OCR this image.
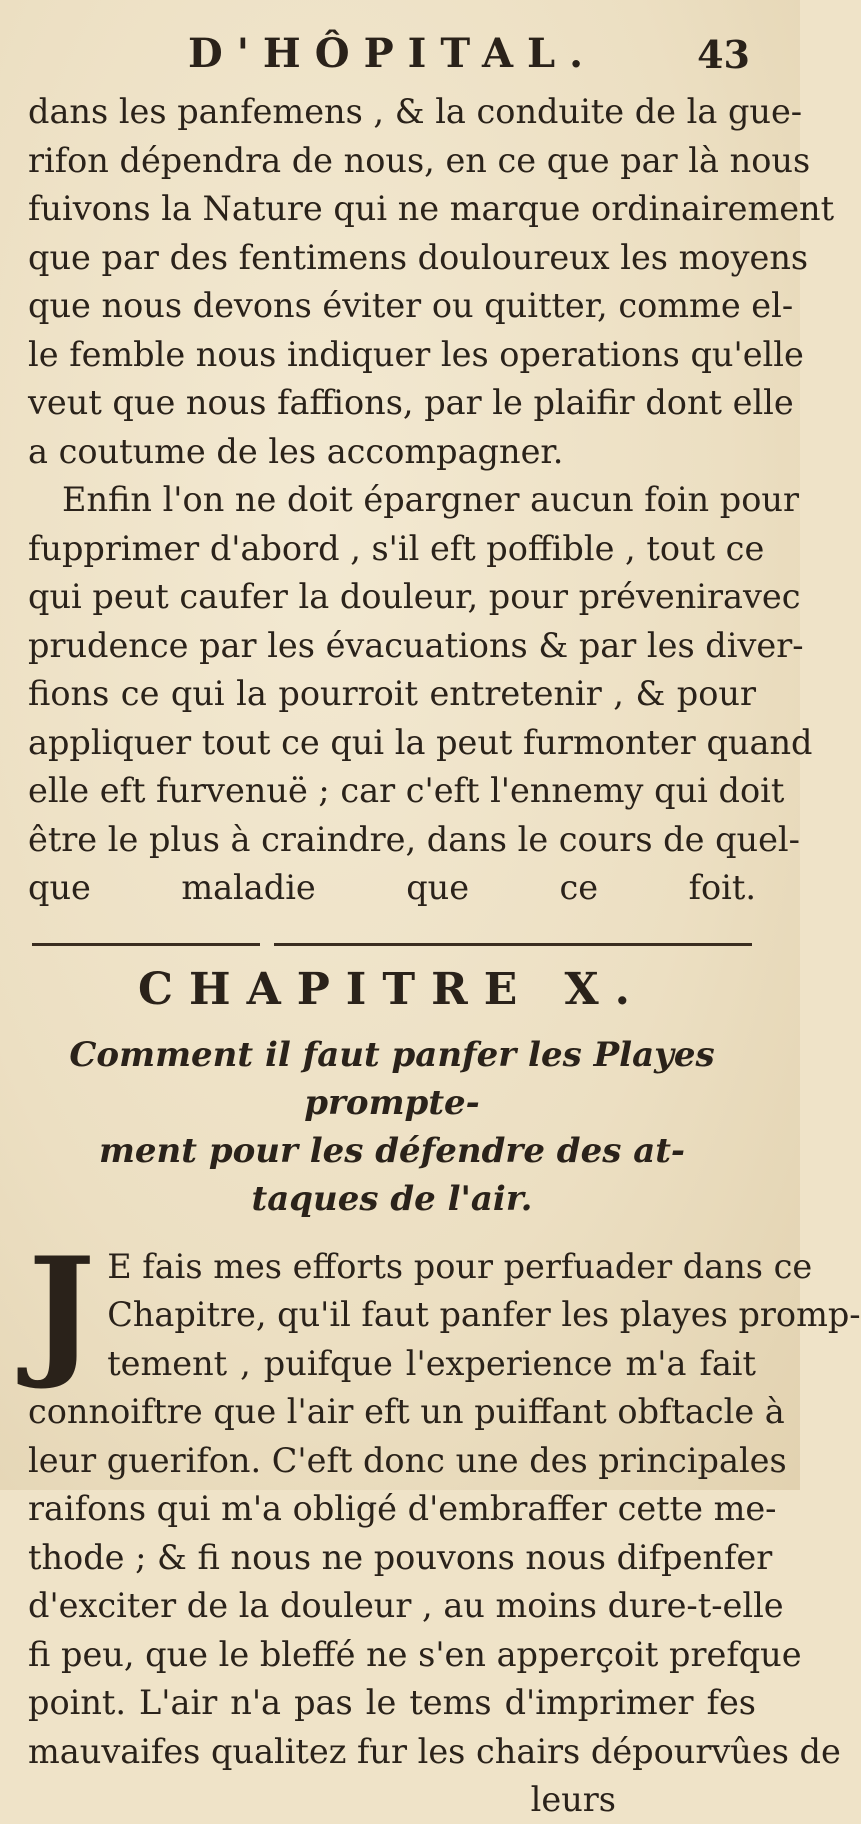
D'HÔPITAL.	43

dans les panfemens , & la conduite de la gue-
rifon dépendra de nous, en ce que par là nous
fuivons la Nature qui ne marque ordinairement
que par des fentimens douloureux les moyens
que nous devons éviter ou quitter, comme el-
le femble nous indiquer les operations qu'elle
veut que nous faffions, par le plaifir dont elle
a coutume de les accompagner.

Enfin l'on ne doit épargner aucun foin pour
fupprimer d'abord , s'il eft poffible , tout ce
qui peut caufer la douleur, pour préveniravec
prudence par les évacuations & par les diver-
fions ce qui la pourroit entretenir , & pour
appliquer tout ce qui la peut furmonter quand
elle eft furvenuë ; car c'eft l'ennemy qui doit
être le plus à craindre, dans le cours de quel-
que maladie que ce foit.

CHAPITRE X.
Comment il faut panfer les Playes prompte-
ment pour les défendre des at-
taques de l'air.
J E fais mes efforts pour perfuader dans ce
Chapitre, qu'il faut panfer les playes promp-
tement , puifque l'experience m'a fait
connoiftre que l'air eft un puiffant obftacle à
leur guerifon. C'eft donc une des principales
raifons qui m'a obligé d'embraffer cette me-
thode ; & fi nous ne pouvons nous difpenfer
d'exciter de la douleur , au moins dure-t-elle
fi peu, que le bleffé ne s'en apperçoit prefque
point. L'air n'a pas le tems d'imprimer fes
mauvaifes qualitez fur les chairs dépourvûes de

leurs
